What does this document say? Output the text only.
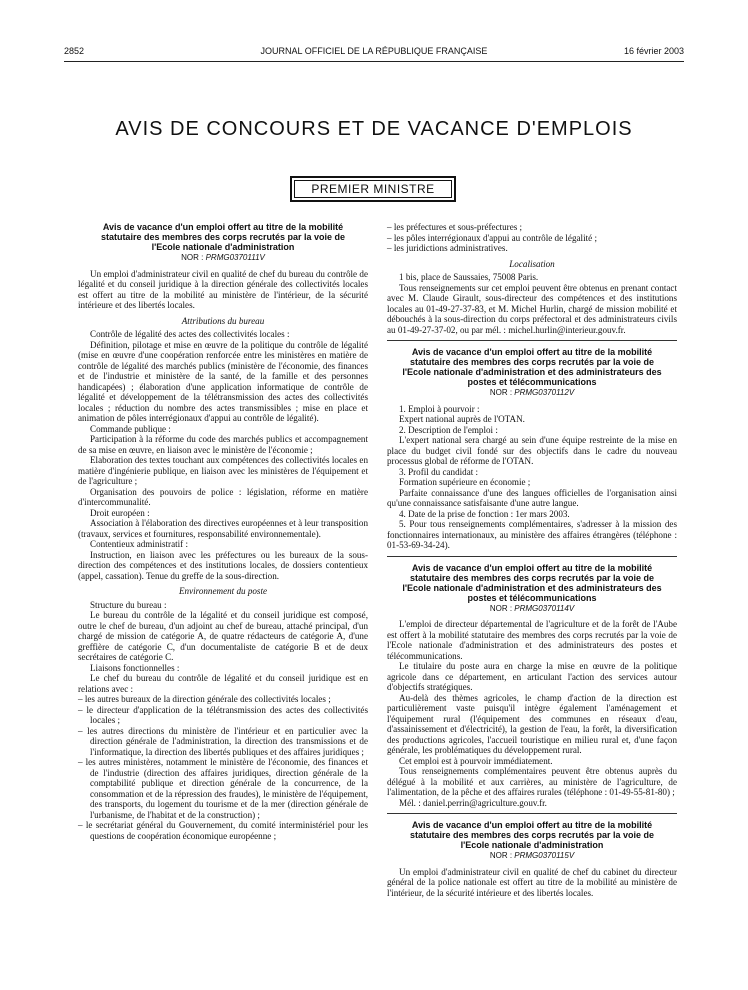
2852	JOURNAL OFFICIEL DE LA RÉPUBLIQUE FRANÇAISE	16 février 2003
AVIS DE CONCOURS ET DE VACANCE D'EMPLOIS
PREMIER MINISTRE
Avis de vacance d'un emploi offert au titre de la mobilité statutaire des membres des corps recrutés par la voie de l'Ecole nationale d'administration
NOR : PRMG0370111V

Un emploi d'administrateur civil en qualité de chef du bureau du contrôle de légalité et du conseil juridique à la direction générale des collectivités locales est offert au titre de la mobilité au ministère de l'intérieur, de la sécurité intérieure et des libertés locales.

Attributions du bureau

Contrôle de légalité des actes des collectivités locales :

Définition, pilotage et mise en œuvre de la politique du contrôle de légalité (mise en œuvre d'une coopération renforcée entre les ministères en matière de contrôle de légalité des marchés publics (ministère de l'économie, des finances et de l'industrie et ministère de la santé, de la famille et des personnes handicapées) ; élaboration d'une application informatique de contrôle de légalité et développement de la télétransmission des actes des collectivités locales ; réduction du nombre des actes transmissibles ; mise en place et animation de pôles interrégionaux d'appui au contrôle de légalité).

Commande publique :

Participation à la réforme du code des marchés publics et accompagnement de sa mise en œuvre, en liaison avec le ministère de l'économie ;

Elaboration des textes touchant aux compétences des collectivités locales en matière d'ingénierie publique, en liaison avec les ministères de l'équipement et de l'agriculture ;

Organisation des pouvoirs de police : législation, réforme en matière d'intercommunalité.

Droit européen :

Association à l'élaboration des directives européennes et à leur transposition (travaux, services et fournitures, responsabilité environnementale).

Contentieux administratif :

Instruction, en liaison avec les préfectures ou les bureaux de la sous-direction des compétences et des institutions locales, de dossiers contentieux (appel, cassation). Tenue du greffe de la sous-direction.

Environnement du poste

Structure du bureau :

Le bureau du contrôle de la légalité et du conseil juridique est composé, outre le chef de bureau, d'un adjoint au chef de bureau, attaché principal, d'un chargé de mission de catégorie A, de quatre rédacteurs de catégorie A, d'une greffière de catégorie C, d'un documentaliste de catégorie B et de deux secrétaires de catégorie C.

Liaisons fonctionnelles :

Le chef du bureau du contrôle de légalité et du conseil juridique est en relations avec :

– les autres bureaux de la direction générale des collectivités locales ;
– le directeur d'application de la télétransmission des actes des collectivités locales ;
– les autres directions du ministère de l'intérieur et en particulier avec la direction générale de l'administration, la direction des transmissions et de l'informatique, la direction des libertés publiques et des affaires juridiques ;
– les autres ministères, notamment le ministère de l'économie, des finances et de l'industrie (direction des affaires juridiques, direction générale de la comptabilité publique et direction générale de la concurrence, de la consommation et de la répression des fraudes), le ministère de l'équipement, des transports, du logement du tourisme et de la mer (direction générale de l'urbanisme, de l'habitat et de la construction) ;
– le secrétariat général du Gouvernement, du comité interministériel pour les questions de coopération économique européenne ;
– les préfectures et sous-préfectures ;
– les pôles interrégionaux d'appui au contrôle de légalité ;
– les juridictions administratives.
Localisation

1 bis, place de Saussaies, 75008 Paris.

Tous renseignements sur cet emploi peuvent être obtenus en prenant contact avec M. Claude Girault, sous-directeur des compétences et des institutions locales au 01-49-27-37-83, et M. Michel Hurlin, chargé de mission mobilité et débouchés à la sous-direction du corps préfectoral et des administrateurs civils au 01-49-27-37-02, ou par mél. : michel.hurlin@interieur.gouv.fr.

Avis de vacance d'un emploi offert au titre de la mobilité statutaire des membres des corps recrutés par la voie de l'Ecole nationale d'administration et des administrateurs des postes et télécommunications
NOR : PRMG0370112V

1. Emploi à pourvoir :

Expert national auprès de l'OTAN.

2. Description de l'emploi :

L'expert national sera chargé au sein d'une équipe restreinte de la mise en place du budget civil fondé sur des objectifs dans le cadre du nouveau processus global de réforme de l'OTAN.

3. Profil du candidat :

Formation supérieure en économie ;

Parfaite connaissance d'une des langues officielles de l'organisation ainsi qu'une connaissance satisfaisante d'une autre langue.

4. Date de la prise de fonction : 1er mars 2003.

5. Pour tous renseignements complémentaires, s'adresser à la mission des fonctionnaires internationaux, au ministère des affaires étrangères (téléphone : 01-53-69-34-24).

Avis de vacance d'un emploi offert au titre de la mobilité statutaire des membres des corps recrutés par la voie de l'Ecole nationale d'administration et des administrateurs des postes et télécommunications
NOR : PRMG0370114V

L'emploi de directeur départemental de l'agriculture et de la forêt de l'Aube est offert à la mobilité statutaire des membres des corps recrutés par la voie de l'Ecole nationale d'administration et des administrateurs des postes et télécommunications.

Le titulaire du poste aura en charge la mise en œuvre de la politique agricole dans ce département, en articulant l'action des services autour d'objectifs stratégiques.

Au-delà des thèmes agricoles, le champ d'action de la direction est particulièrement vaste puisqu'il intègre également l'aménagement et l'équipement rural (l'équipement des communes en réseaux d'eau, d'assainissement et d'électricité), la gestion de l'eau, la forêt, la diversification des productions agricoles, l'accueil touristique en milieu rural et, d'une façon générale, les problématiques du développement rural.

Cet emploi est à pourvoir immédiatement.

Tous renseignements complémentaires peuvent être obtenus auprès du délégué à la mobilité et aux carrières, au ministère de l'agriculture, de l'alimentation, de la pêche et des affaires rurales (téléphone : 01-49-55-81-80) ;

Mél. : daniel.perrin@agriculture.gouv.fr.

Avis de vacance d'un emploi offert au titre de la mobilité statutaire des membres des corps recrutés par la voie de l'Ecole nationale d'administration
NOR : PRMG0370115V

Un emploi d'administrateur civil en qualité de chef du cabinet du directeur général de la police nationale est offert au titre de la mobilité au ministère de l'intérieur, de la sécurité intérieure et des libertés locales.
